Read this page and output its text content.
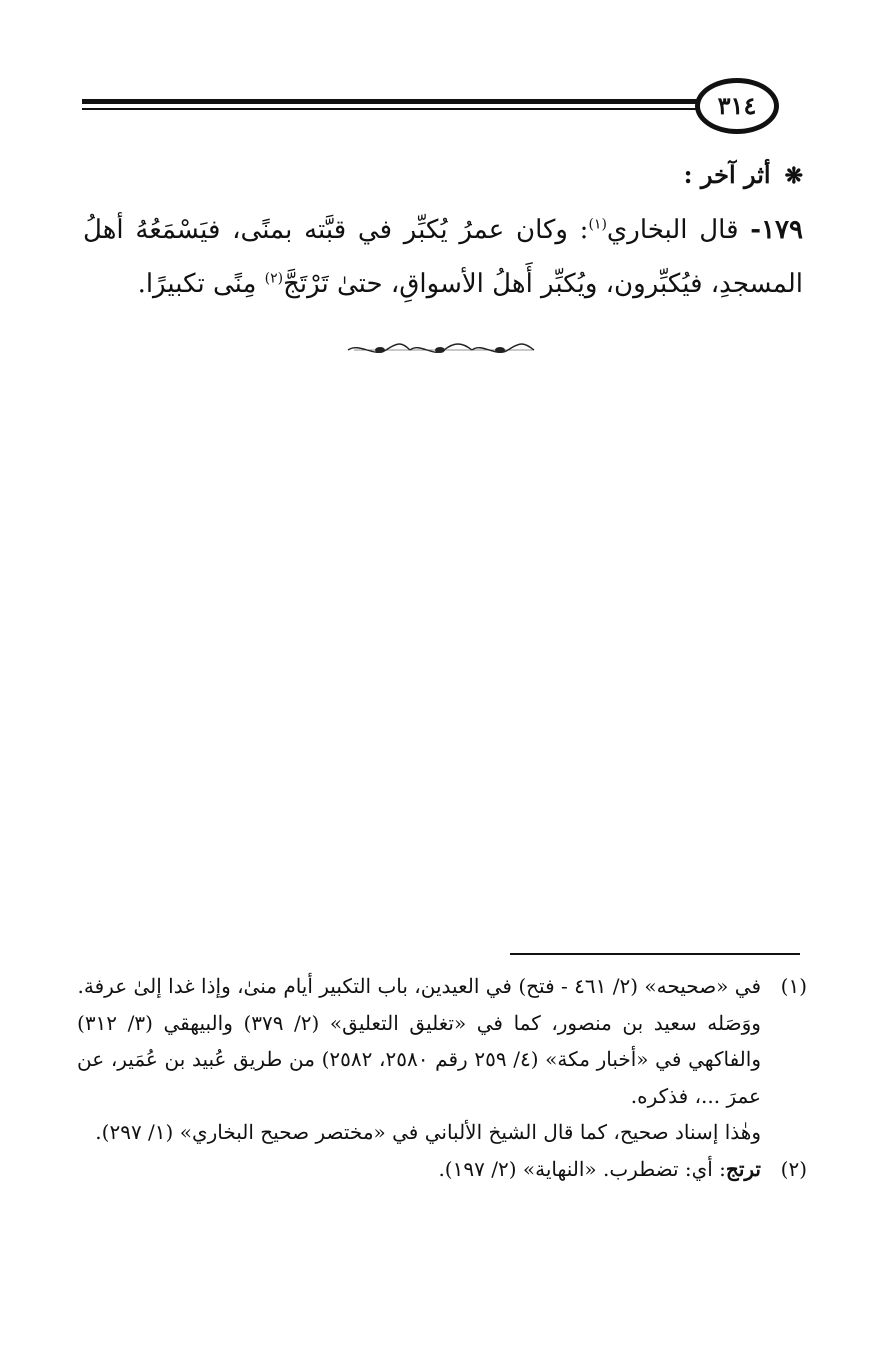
٣١٤
❋أثر آخر :

١٧٩- قال البخاري$^{(١)}$: وكان عمرُ يُكبِّر في قبَّته بمنًى، فيَسْمَعُهُ أهلُ المسجدِ، فيُكبِّرون، ويُكبِّر أَهلُ الأسواقِ، حتىٰ تَرْتَجَّ$^{(٢)}$ مِنًى تكبيرًا.

(١)
في «صحيحه» (٢/ ٤٦١ - فتح) في العيدين، باب التكبير أيام منىٰ، وإذا غدا إلىٰ عرفة.
ووَصَله سعيد بن منصور، كما في «تغليق التعليق» (٢/ ٣٧٩) والبيهقي (٣/ ٣١٢) والفاكهي في «أخبار مكة» (٤/ ٢٥٩ رقم ٢٥٨٠، ٢٥٨٢) من طريق عُبيد بن عُمَير، عن عمرَ ...، فذكره.
وهٰذا إسناد صحيح، كما قال الشيخ الألباني في «مختصر صحيح البخاري» (١/ ٢٩٧).
(٢)
ترتج: أي: تضطرب. «النهاية» (٢/ ١٩٧).
